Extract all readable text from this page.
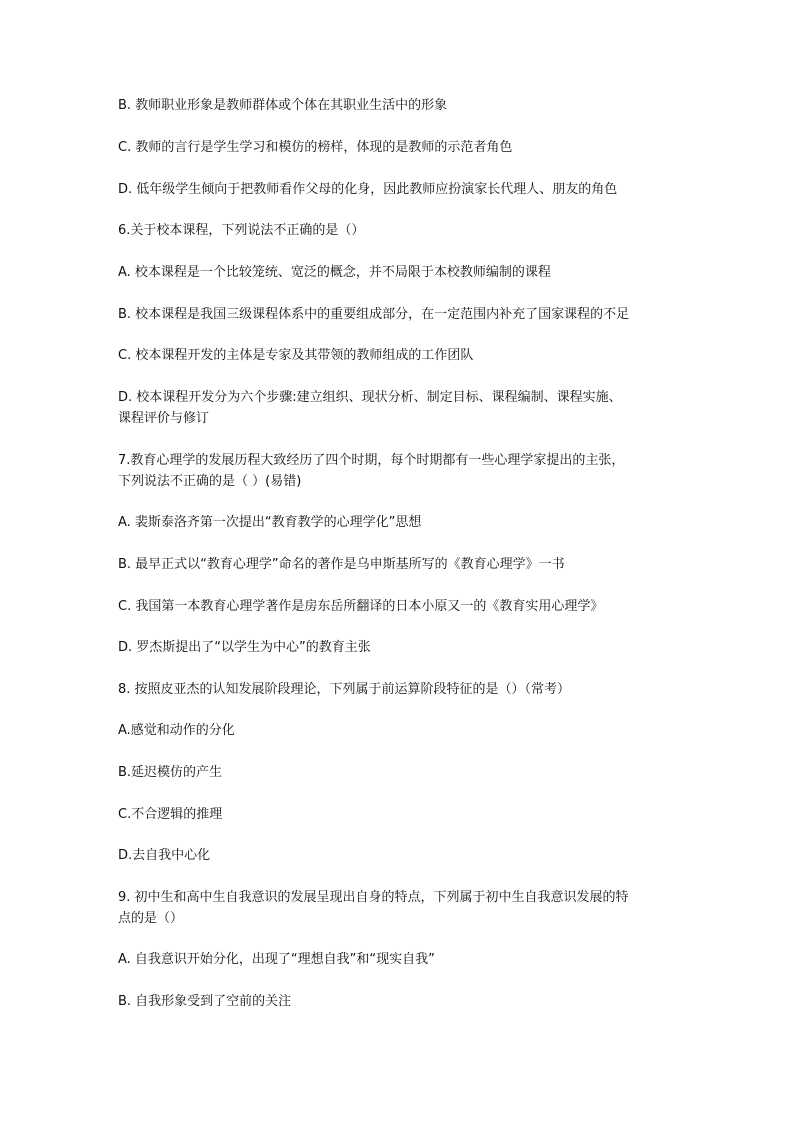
B. 教师职业形象是教师群体或个体在其职业生活中的形象
C. 教师的言行是学生学习和模仿的榜样，体现的是教师的示范者角色
D. 低年级学生倾向于把教师看作父母的化身，因此教师应扮演家长代理人、朋友的角色
6.关于校本课程，下列说法不正确的是（）
A. 校本课程是一个比较笼统、宽泛的概念，并不局限于本校教师编制的课程
B. 校本课程是我国三级课程体系中的重要组成部分，在一定范围内补充了国家课程的不足
C. 校本课程开发的主体是专家及其带领的教师组成的工作团队
D. 校本课程开发分为六个步骤:建立组织、现状分析、制定目标、课程编制、课程实施、
课程评价与修订
7.教育心理学的发展历程大致经历了四个时期，每个时期都有一些心理学家提出的主张，
下列说法不正确的是（ ）(易错)
A. 裴斯泰洛齐第一次提出“教育教学的心理学化”思想
B. 最早正式以“教育心理学”命名的著作是乌申斯基所写的《教育心理学》一书
C. 我国第一本教育心理学著作是房东岳所翻译的日本小原又一的《教育实用心理学》
D. 罗杰斯提出了“以学生为中心”的教育主张
8. 按照皮亚杰的认知发展阶段理论，下列属于前运算阶段特征的是（）（常考）
A.感觉和动作的分化
B.延迟模仿的产生
C.不合逻辑的推理
D.去自我中心化
9. 初中生和高中生自我意识的发展呈现出自身的特点，下列属于初中生自我意识发展的特
点的是（）
A. 自我意识开始分化，出现了“理想自我”和“现实自我”
B. 自我形象受到了空前的关注
